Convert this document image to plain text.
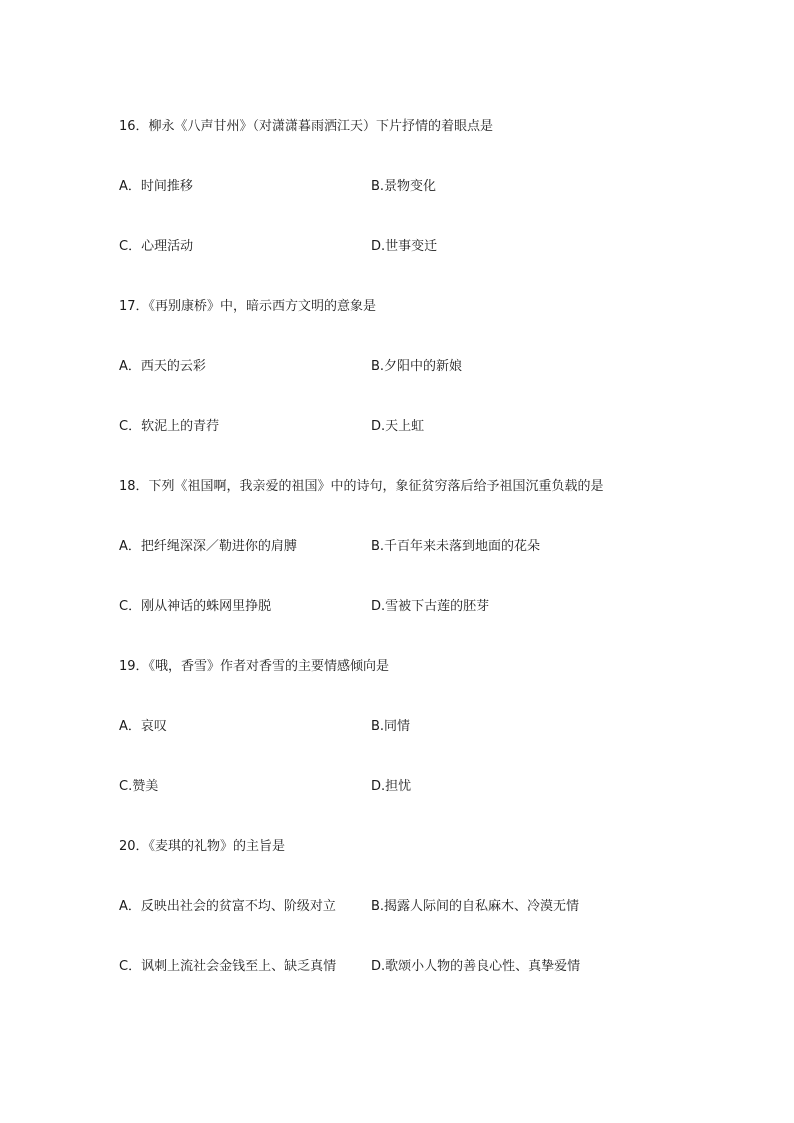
16．柳永《八声甘州》（对潇潇暮雨洒江天）下片抒情的着眼点是
A．时间推移	B.景物变化
C．心理活动	D.世事变迁
17．《再别康桥》中，暗示西方文明的意象是
A．西天的云彩	B.夕阳中的新娘
C．软泥上的青荇	D.天上虹
18．下列《祖国啊，我亲爱的祖国》中的诗句，象征贫穷落后给予祖国沉重负载的是
A．把纤绳深深／勒进你的肩膊	B.千百年来未落到地面的花朵
C．刚从神话的蛛网里挣脱	D.雪被下古莲的胚芽
19．《哦，香雪》作者对香雪的主要情感倾向是
A．哀叹	B.同情
C.赞美	D.担忧
20．《麦琪的礼物》的主旨是
A．反映出社会的贫富不均、阶级对立	B.揭露人际间的自私麻木、冷漠无情
C．讽刺上流社会金钱至上、缺乏真情	D.歌颂小人物的善良心性、真挚爱情
